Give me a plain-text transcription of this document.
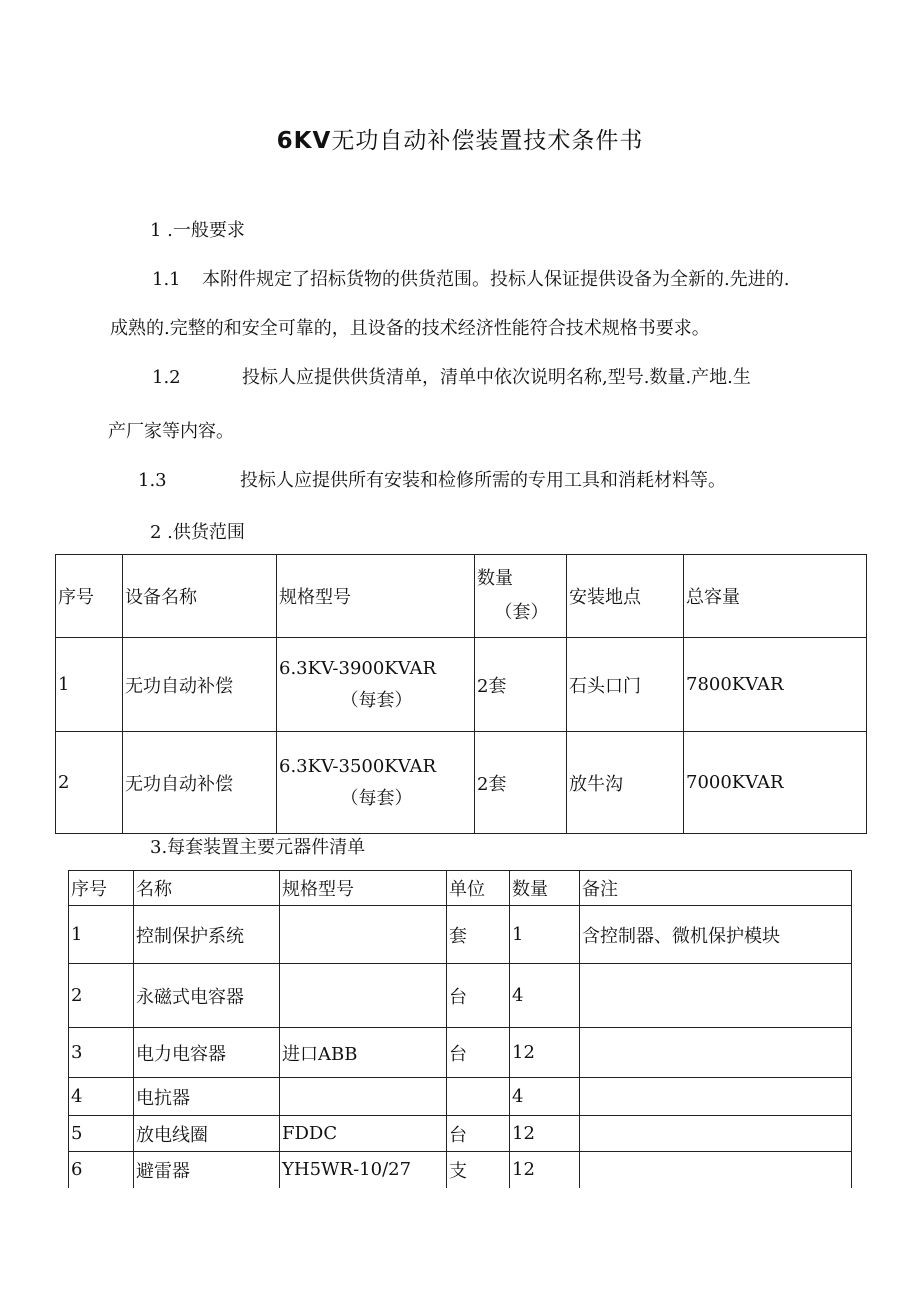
6KV无功自动补偿装置技术条件书
1 .一般要求
1.1 本附件规定了招标货物的供货范围。投标人保证提供设备为全新的.先进的.
成熟的.完整的和安全可靠的，且设备的技术经济性能符合技术规格书要求。
1.2	投标人应提供供货清单，清单中依次说明名称,型号.数量.产地.生
产厂家等内容。
1.3	投标人应提供所有安装和检修所需的专用工具和消耗材料等。
2 .供货范围
序号	设备名称	规格型号	数量
（套）	安装地点	总容量
1	无功自动补偿	6.3KV-3900KVAR
（每套）	2套	石头口门	7800KVAR
2	无功自动补偿	6.3KV-3500KVAR
（每套）	2套	放牛沟	7000KVAR
3.每套装置主要元器件清单
序号	名称	规格型号	单位	数量	备注
1	控制保护系统		套	1	含控制器、微机保护模块
2	永磁式电容器		台	4	
3	电力电容器	进口ABB	台	12	
4	电抗器			4	
5	放电线圈	FDDC	台	12	
6	避雷器	YH5WR-10/27	支	12	
